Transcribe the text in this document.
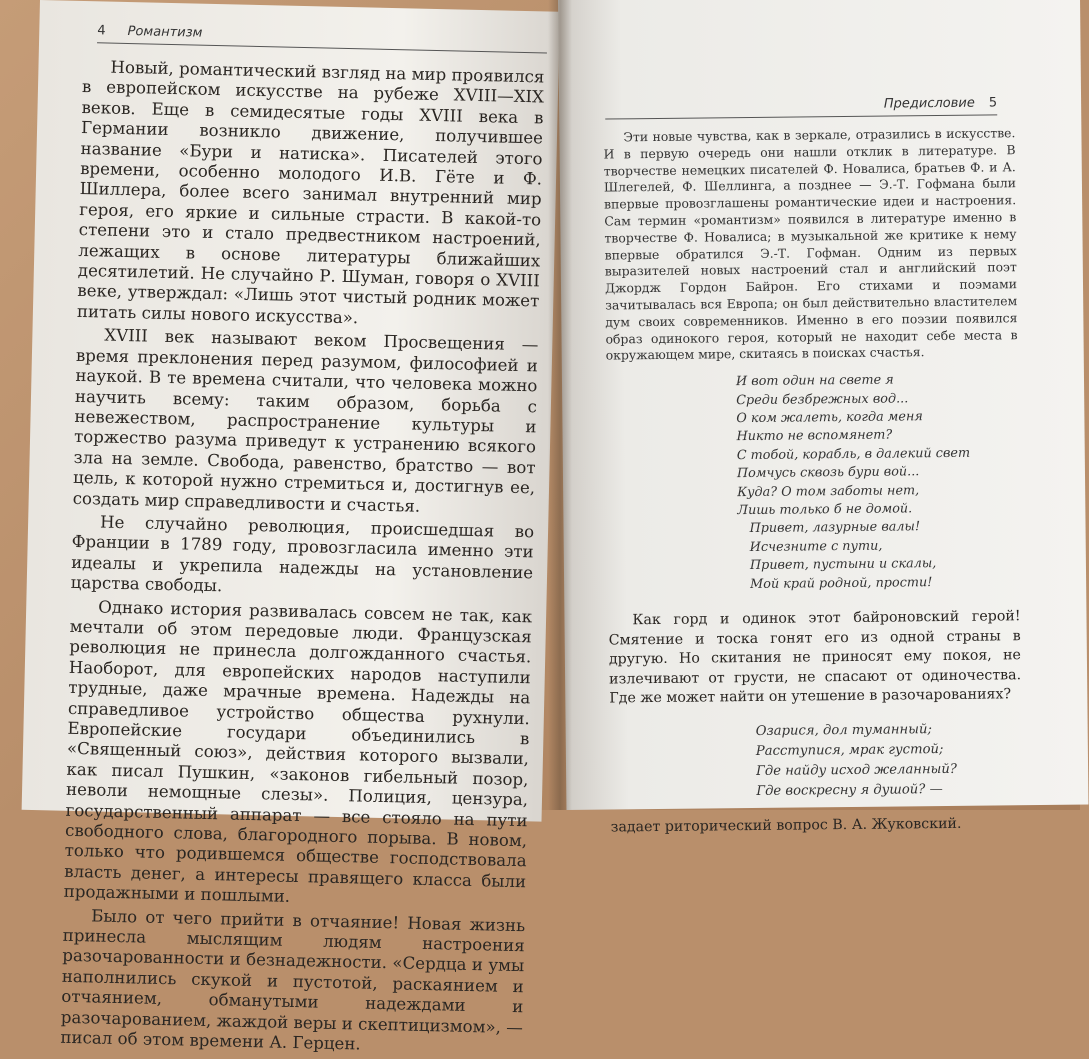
4 Романтизм

Новый, романтический взгляд на мир проявился в европейском искусстве на рубеже XVIII—XIX веков. Еще в семидесятые годы XVIII века в Германии возникло движение, получившее название «Бури и натиска». Писателей этого времени, особенно молодого И.В. Гёте и Ф. Шиллера, более всего занимал внутренний мир героя, его яркие и сильные страсти. В какой-то степени это и стало предвестником настроений, лежащих в основе литературы ближайших десятилетий. Не случайно Р. Шуман, говоря о XVIII веке, утверждал: «Лишь этот чистый родник может питать силы нового искусства».

XVIII век называют веком Просвещения — время преклонения перед разумом, философией и наукой. В те времена считали, что человека можно научить всему: таким образом, борьба с невежеством, распространение культуры и торжество разума приведут к устранению всякого зла на земле. Свобода, равенство, братство — вот цель, к которой нужно стремиться и, достигнув ее, создать мир справедливости и счастья.

Не случайно революция, происшедшая во Франции в 1789 году, провозгласила именно эти идеалы и укрепила надежды на установление царства свободы.

Однако история развивалась совсем не так, как мечтали об этом передовые люди. Французская революция не принесла долгожданного счастья. Наоборот, для европейских народов наступили трудные, даже мрачные времена. Надежды на справедливое устройство общества рухнули. Европейские государи объединились в «Священный союз», действия которого вызвали, как писал Пушкин, «законов гибельный позор, неволи немощные слезы». Полиция, цензура, государственный аппарат — все стояло на пути свободного слова, благородного порыва. В новом, только что родившемся обществе господствовала власть денег, а интересы правящего класса были продажными и пошлыми.

Было от чего прийти в отчаяние! Новая жизнь принесла мыслящим людям настроения разочарованности и безнадежности. «Сердца и умы наполнились скукой и пустотой, раскаянием и отчаянием, обманутыми надеждами и разочарованием, жаждой веры и скептицизмом», — писал об этом времени А. Герцен.

Предисловие 5

Эти новые чувства, как в зеркале, отразились в искусстве. И в первую очередь они нашли отклик в литературе. В творчестве немецких писателей Ф. Новалиса, братьев Ф. и А. Шлегелей, Ф. Шеллинга, а позднее — Э.-Т. Гофмана были впервые провозглашены романтические идеи и настроения. Сам термин «романтизм» появился в литературе именно в творчестве Ф. Новалиса; в музыкальной же критике к нему впервые обратился Э.-Т. Гофман. Одним из первых выразителей новых настроений стал и английский поэт Джордж Гордон Байрон. Его стихами и поэмами зачитывалась вся Европа; он был действительно властителем дум своих современников. Именно в его поэзии появился образ одинокого героя, который не находит себе места в окружающем мире, скитаясь в поисках счастья.

И вот один на свете я
Среди безбрежных вод...
О ком жалеть, когда меня
Никто не вспомянет?
С тобой, корабль, в далекий свет
Помчусь сквозь бури вой...
Куда? О том заботы нет,
Лишь только б не домой.
Привет, лазурные валы!
Исчезните с пути,
Привет, пустыни и скалы,
Мой край родной, прости!

Как горд и одинок этот байроновский герой! Смятение и тоска гонят его из одной страны в другую. Но скитания не приносят ему покоя, не излечивают от грусти, не спасают от одиночества. Где же может найти он утешение в разочарованиях?

Озарися, дол туманный;
Расступися, мрак густой;
Где найду исход желанный?
Где воскресну я душой? —

задает риторический вопрос В. А. Жуковский.
